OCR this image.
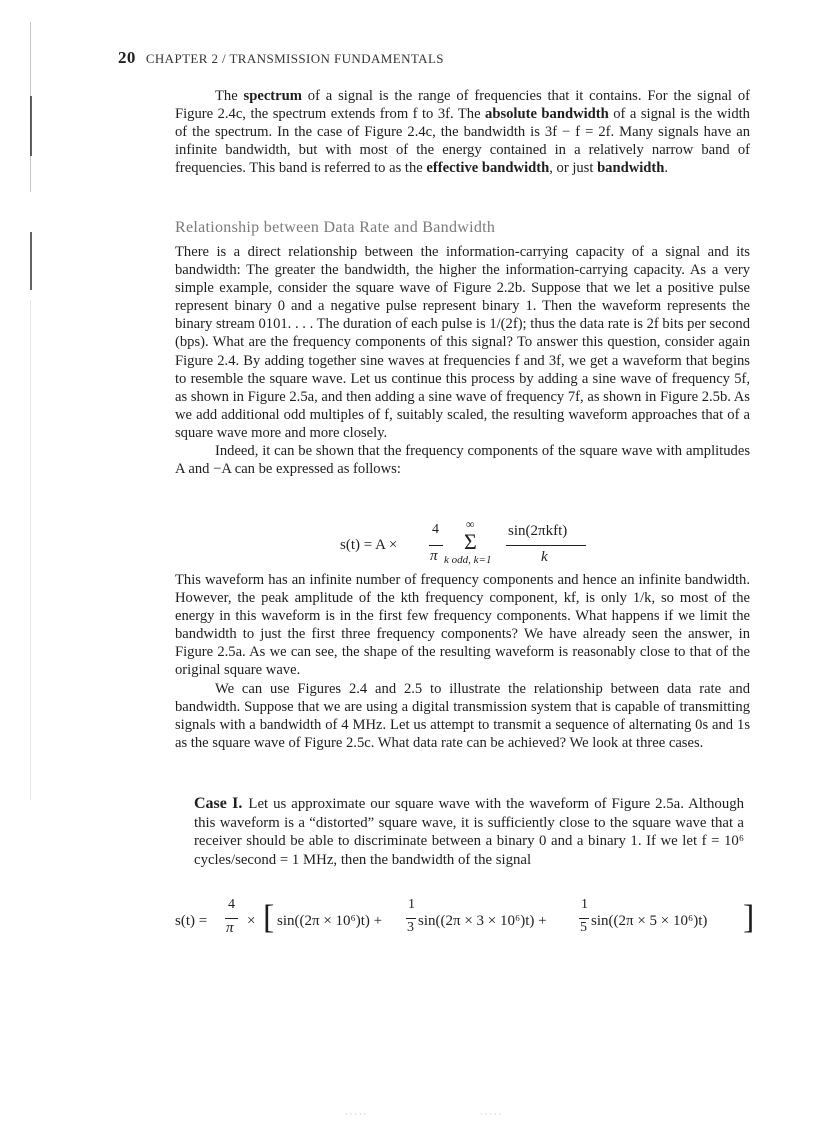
20 CHAPTER 2 / TRANSMISSION FUNDAMENTALS

The spectrum of a signal is the range of frequencies that it contains. For the signal of Figure 2.4c, the spectrum extends from f to 3f. The absolute bandwidth of a signal is the width of the spectrum. In the case of Figure 2.4c, the bandwidth is 3f − f = 2f. Many signals have an infinite bandwidth, but with most of the energy contained in a relatively narrow band of frequencies. This band is referred to as the effective bandwidth, or just bandwidth.

Relationship between Data Rate and Bandwidth

There is a direct relationship between the information-carrying capacity of a signal and its bandwidth: The greater the bandwidth, the higher the information-carrying capacity. As a very simple example, consider the square wave of Figure 2.2b. Suppose that we let a positive pulse represent binary 0 and a negative pulse represent binary 1. Then the waveform represents the binary stream 0101. . . . The duration of each pulse is 1/(2f); thus the data rate is 2f bits per second (bps). What are the frequency components of this signal? To answer this question, consider again Figure 2.4. By adding together sine waves at frequencies f and 3f, we get a waveform that begins to resemble the square wave. Let us continue this process by adding a sine wave of frequency 5f, as shown in Figure 2.5a, and then adding a sine wave of frequency 7f, as shown in Figure 2.5b. As we add additional odd multiples of f, suitably scaled, the resulting waveform approaches that of a square wave more and more closely.

Indeed, it can be shown that the frequency components of the square wave with amplitudes A and −A can be expressed as follows:

s(t) = A ×
4
π
∞
Σ
k odd, k=1
sin(2πkft)
k

This waveform has an infinite number of frequency components and hence an infinite bandwidth. However, the peak amplitude of the kth frequency component, kf, is only 1/k, so most of the energy in this waveform is in the first few frequency components. What happens if we limit the bandwidth to just the first three frequency components? We have already seen the answer, in Figure 2.5a. As we can see, the shape of the resulting waveform is reasonably close to that of the original square wave.

We can use Figures 2.4 and 2.5 to illustrate the relationship between data rate and bandwidth. Suppose that we are using a digital transmission system that is capable of transmitting signals with a bandwidth of 4 MHz. Let us attempt to transmit a sequence of alternating 0s and 1s as the square wave of Figure 2.5c. What data rate can be achieved? We look at three cases.

Case I. Let us approximate our square wave with the waveform of Figure 2.5a. Although this waveform is a “distorted” square wave, it is sufficiently close to the square wave that a receiver should be able to discriminate between a binary 0 and a binary 1. If we let f = 10⁶ cycles/second = 1 MHz, then the bandwidth of the signal
s(t) =
4
π × [ sin((2π × 10⁶)t) +
1
3 sin((2π × 3 × 10⁶)t) +
1
5 sin((2π × 5 × 10⁶)t) ]
· · · · ·	· · · · ·
